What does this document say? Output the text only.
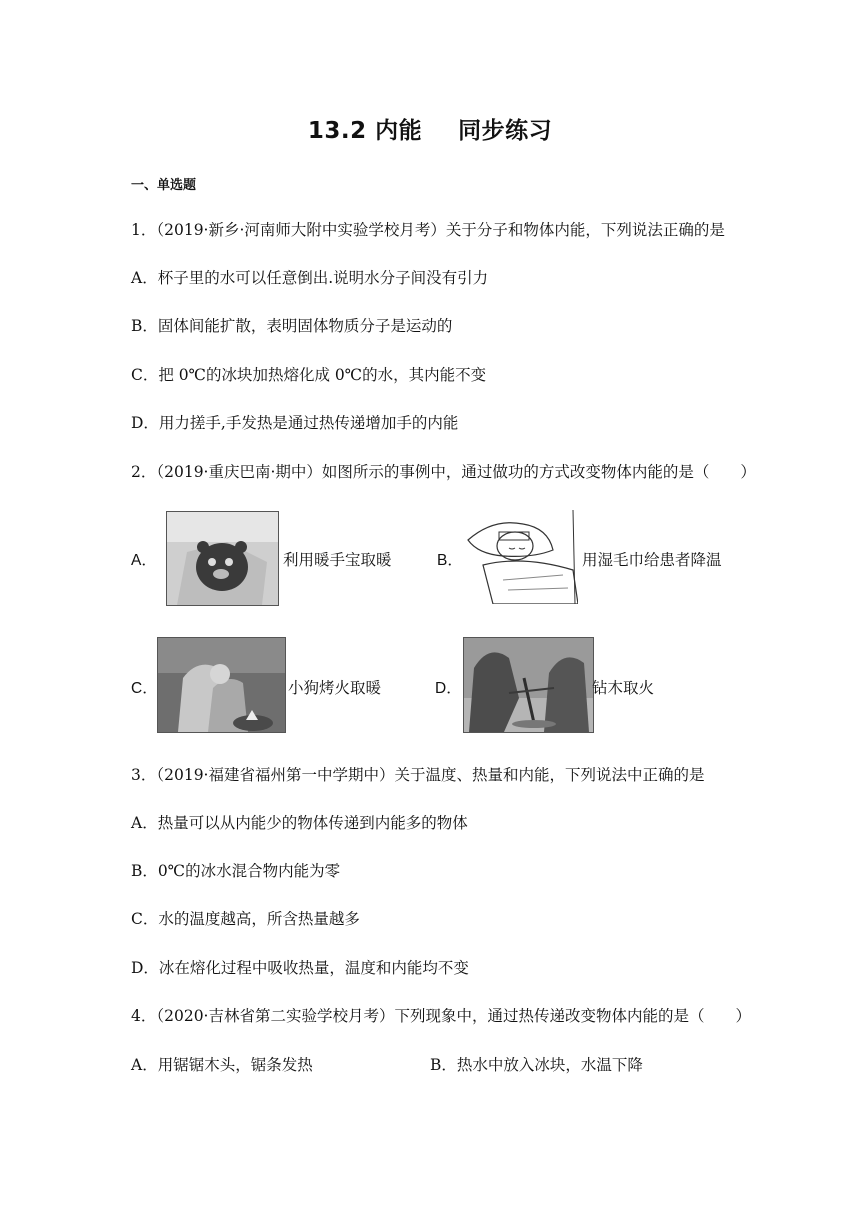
13.2 内能 同步练习
一、单选题
1．（2019·新乡·河南师大附中实验学校月考）关于分子和物体内能，下列说法正确的是
A．杯子里的水可以任意倒出.说明水分子间没有引力
B．固体间能扩散，表明固体物质分子是运动的
C．把 0℃的冰块加热熔化成 0℃的水，其内能不变
D．用力搓手,手发热是通过热传递增加手的内能
2．（2019·重庆巴南·期中）如图所示的事例中，通过做功的方式改变物体内能的是（　　）
A．	利用暖手宝取暖	B．	用湿毛巾给患者降温
C．	小狗烤火取暖	D．	钻木取火
3．（2019·福建省福州第一中学期中）关于温度、热量和内能，下列说法中正确的是
A．热量可以从内能少的物体传递到内能多的物体
B．0℃的冰水混合物内能为零
C．水的温度越高，所含热量越多
D．冰在熔化过程中吸收热量，温度和内能均不变
4．（2020·吉林省第二实验学校月考）下列现象中，通过热传递改变物体内能的是（　　）
A．用锯锯木头，锯条发热	B．热水中放入冰块，水温下降
